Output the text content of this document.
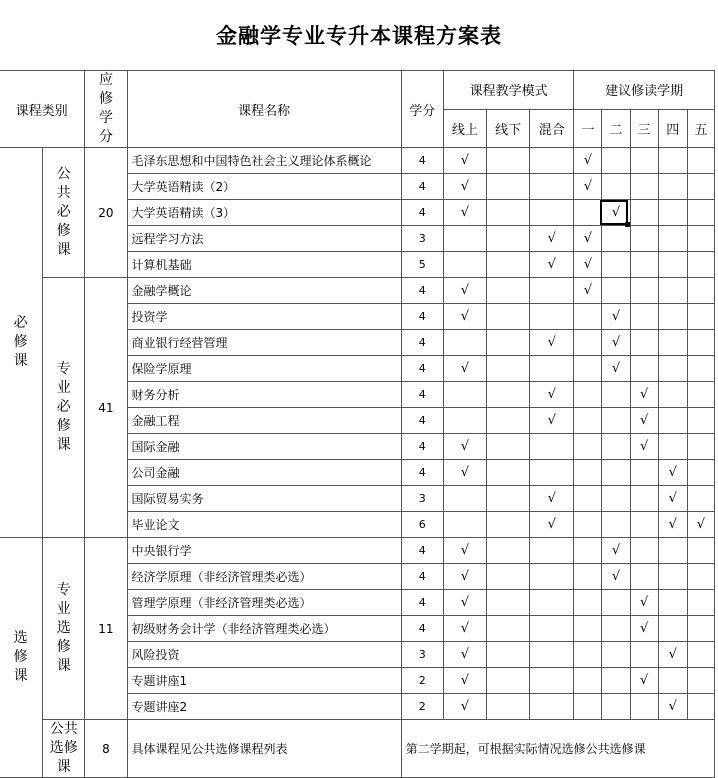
金融学专业专升本课程方案表
课程类别		应修学分	课程名称	学分	课程教学模式			建议修读学期				
					线上	线下	混合	一	二	三	四	五
必修课	公共必修课	20	毛泽东思想和中国特色社会主义理论体系概论	4	√			√				
			大学英语精读（2）	4	√			√				
			大学英语精读（3）	4	√				√			
			远程学习方法	3			√	√				
			计算机基础	5			√	√				
	专业必修课	41	金融学概论	4	√			√				
			投资学	4	√				√			
			商业银行经营管理	4			√		√			
			保险学原理	4	√				√			
			财务分析	4			√			√		
			金融工程	4			√			√		
			国际金融	4	√					√		
			公司金融	4	√						√	
			国际贸易实务	3			√				√	
			毕业论文	6			√				√	√
选修课	专业选修课	11	中央银行学	4	√				√			
			经济学原理（非经济管理类必选）	4	√				√			
			管理学原理（非经济管理类必选）	4	√					√		
			初级财务会计学（非经济管理类必选）	4	√					√		
			风险投资	3	√						√	
			专题讲座1	2	√					√		
			专题讲座2	2	√						√	
	公共选修课	8	具体课程见公共选修课程列表	第二学期起，可根据实际情况选修公共选修课								
